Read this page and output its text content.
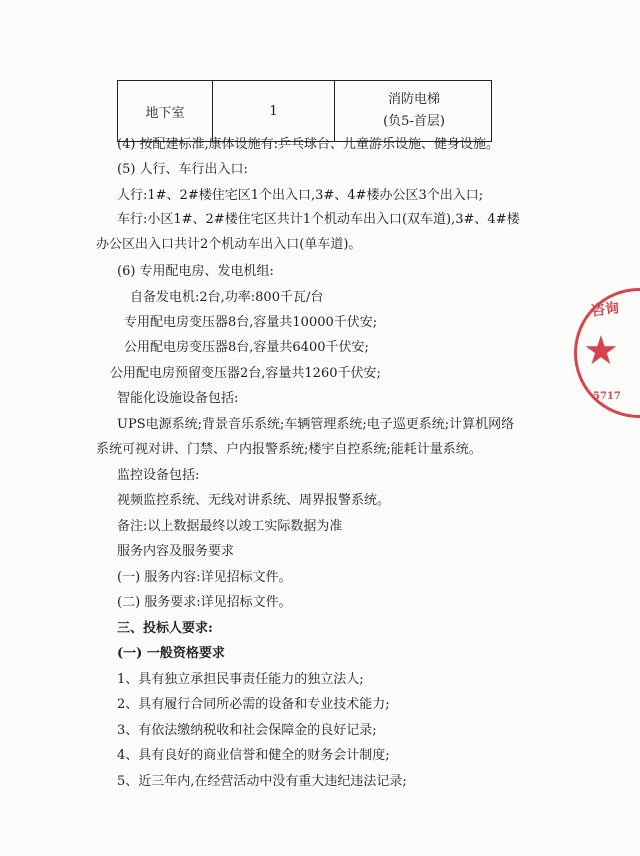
地下室	1
消防电梯
(负5-首层)
(4) 按配建标准,康体设施有:乒乓球台、儿童游乐设施、健身设施。
(5) 人行、车行出入口:
人行:1#、2#楼住宅区1个出入口,3#、4#楼办公区3个出入口;
车行:小区1#、2#楼住宅区共计1个机动车出入口(双车道),3#、4#楼
办公区出入口共计2个机动车出入口(单车道)。
(6) 专用配电房、发电机组:
自备发电机:2台,功率:800千瓦/台
专用配电房变压器8台,容量共10000千伏安;
公用配电房变压器8台,容量共6400千伏安;
公用配电房预留变压器2台,容量共1260千伏安;
智能化设施设备包括:
UPS电源系统;背景音乐系统;车辆管理系统;电子巡更系统;计算机网络
系统可视对讲、门禁、户内报警系统;楼宇自控系统;能耗计量系统。
监控设备包括:
视频监控系统、无线对讲系统、周界报警系统。
备注:以上数据最终以竣工实际数据为准
服务内容及服务要求
(一) 服务内容:详见招标文件。
(二) 服务要求:详见招标文件。
三、投标人要求:
(一) 一般资格要求
1、具有独立承担民事责任能力的独立法人;
2、具有履行合同所必需的设备和专业技术能力;
3、有依法缴纳税收和社会保障金的良好记录;
4、具有良好的商业信誉和健全的财务会计制度;
5、近三年内,在经营活动中没有重大违纪违法记录;
咨询
★
5717
